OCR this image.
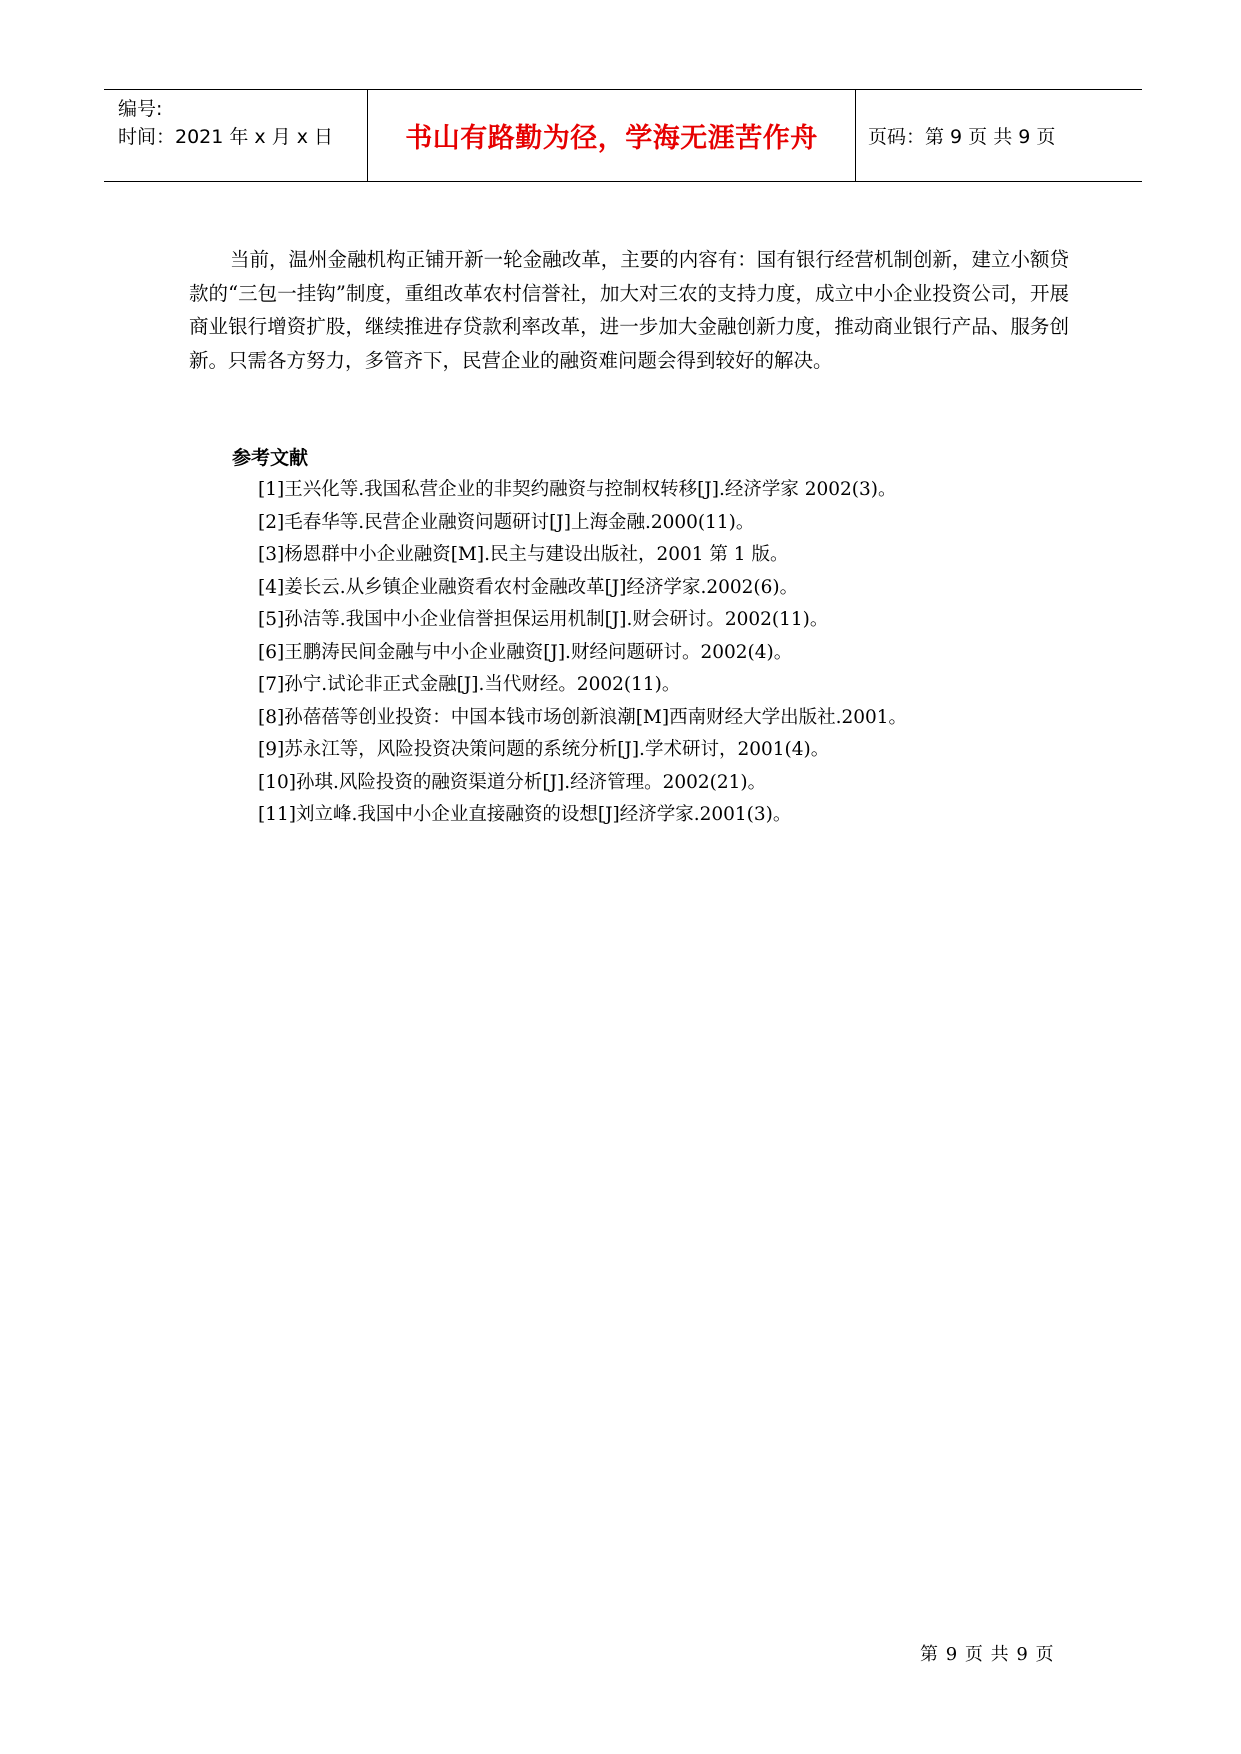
编号:
时间：2021 年 x 月 x 日	书山有路勤为径，学海无涯苦作舟	页码：第 9 页 共 9 页

当前，温州金融机构正铺开新一轮金融改革，主要的内容有：国有银行经营机制创新，建立小额贷款的“三包一挂钩”制度，重组改革农村信誉社，加大对三农的支持力度，成立中小企业投资公司，开展商业银行增资扩股，继续推进存贷款利率改革，进一步加大金融创新力度，推动商业银行产品、服务创新。只需各方努力，多管齐下，民营企业的融资难问题会得到较好的解决。

参考文献
[1]王兴化等.我国私营企业的非契约融资与控制权转移[J].经济学家 2002(3)。
[2]毛春华等.民营企业融资问题研讨[J]上海金融.2000(11)。
[3]杨恩群中小企业融资[M].民主与建设出版社，2001 第 1 版。
[4]姜长云.从乡镇企业融资看农村金融改革[J]经济学家.2002(6)。
[5]孙洁等.我国中小企业信誉担保运用机制[J].财会研讨。2002(11)。
[6]王鹏涛民间金融与中小企业融资[J].财经问题研讨。2002(4)。
[7]孙宁.试论非正式金融[J].当代财经。2002(11)。
[8]孙蓓蓓等创业投资：中国本钱市场创新浪潮[M]西南财经大学出版社.2001。
[9]苏永江等，风险投资决策问题的系统分析[J].学术研讨，2001(4)。
[10]孙琪.风险投资的融资渠道分析[J].经济管理。2002(21)。
[11]刘立峰.我国中小企业直接融资的设想[J]经济学家.2001(3)。
第 9 页 共 9 页
